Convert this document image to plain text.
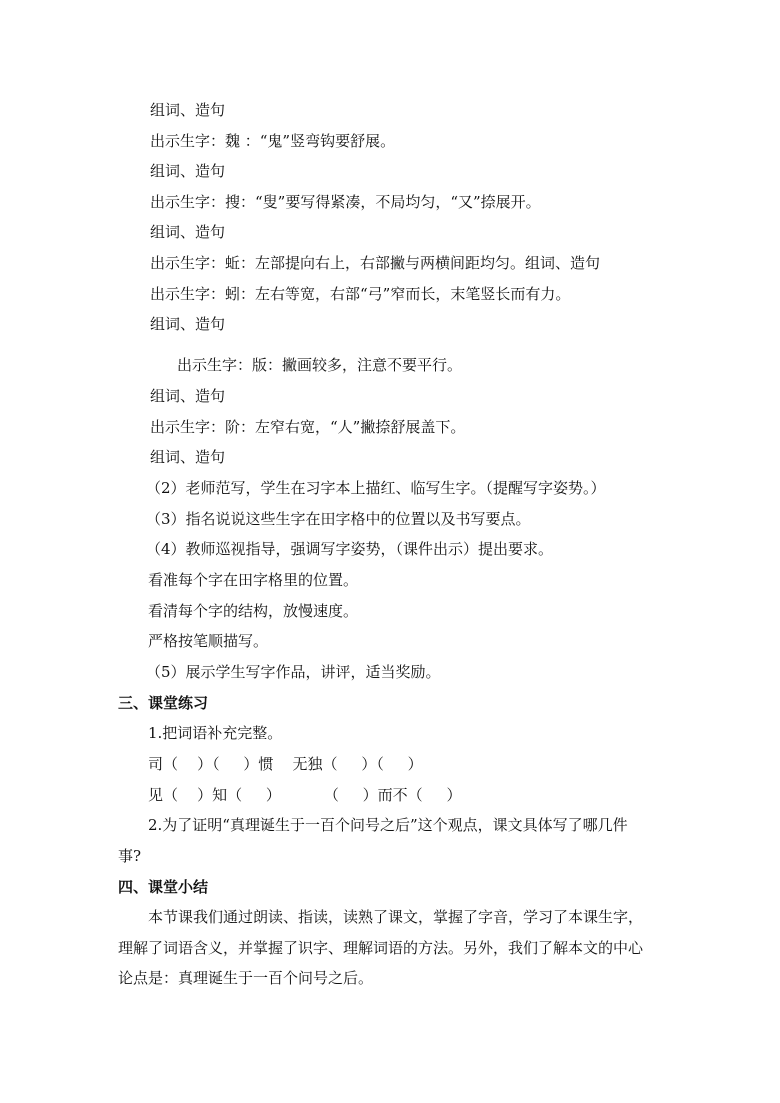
组词、造句
出示生字：魏 ：“鬼”竖弯钩要舒展。
组词、造句
出示生字：搜：“叟”要写得紧凑，不局均匀，“又”捺展开。
组词、造句
出示生字：蚯：左部提向右上，右部撇与两横间距均匀。组词、造句
出示生字：蚓：左右等宽，右部“弓”窄而长，末笔竖长而有力。
组词、造句
出示生字：版：撇画较多，注意不要平行。
组词、造句
出示生字：阶：左窄右宽，“人”撇捺舒展盖下。
组词、造句
（2）老师范写，学生在习字本上描红、临写生字。（提醒写字姿势。）
（3）指名说说这些生字在田字格中的位置以及书写要点。
（4）教师巡视指导，强调写字姿势，（课件出示）提出要求。
看准每个字在田字格里的位置。
看清每个字的结构，放慢速度。
严格按笔顺描写。
（5）展示学生写字作品，讲评，适当奖励。
三、课堂练习
1.把词语补充完整。
司（    ）（     ）惯    无独（     ）（     ）
见（    ）知（     ）         （     ）而不（     ）
2.为了证明“真理诞生于一百个问号之后”这个观点，课文具体写了哪几件
事?
四、课堂小结
本节课我们通过朗读、指读，读熟了课文，掌握了字音，学习了本课生字，
理解了词语含义，并掌握了识字、理解词语的方法。另外，我们了解本文的中心
论点是：真理诞生于一百个问号之后。
